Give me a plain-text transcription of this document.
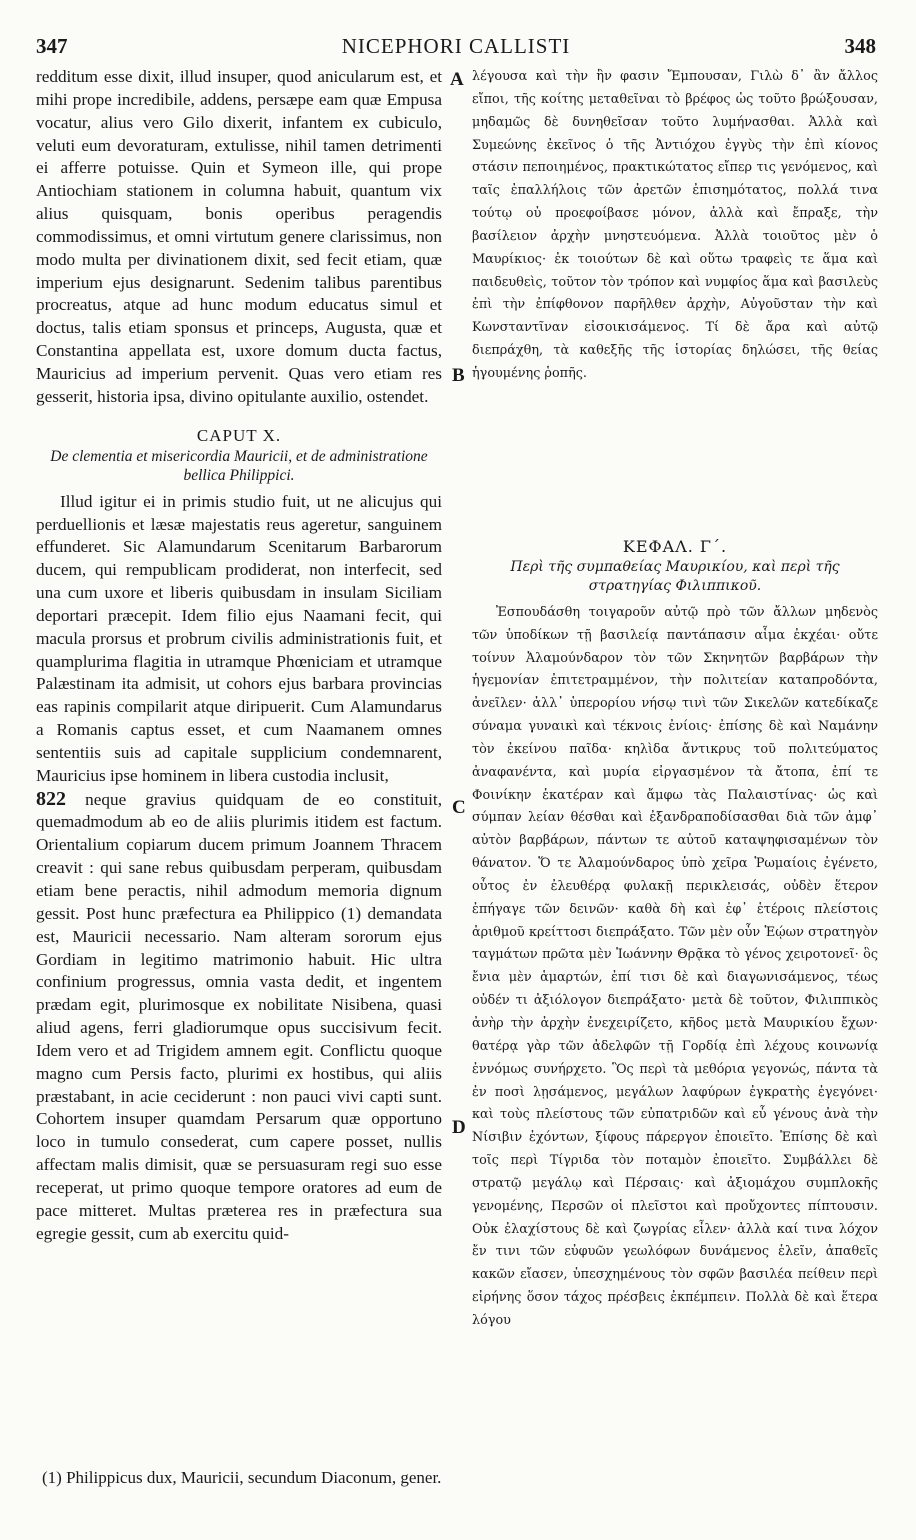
347	NICEPHORI CALLISTI	348
A
B
C
D

redditum esse dixit, illud insuper, quod anicularum est, et mihi prope incredibile, addens, persæpe eam quæ Empusa vocatur, alius vero Gilo dixerit, infantem ex cubiculo, veluti eum devoraturam, extulisse, nihil tamen detrimenti ei afferre potuisse. Quin et Symeon ille, qui prope Antiochiam stationem in columna habuit, quantum vix alius quisquam, bonis operibus peragendis commodissimus, et omni virtutum genere clarissimus, non modo multa per divinationem dixit, sed fecit etiam, quæ imperium ejus designarunt. Sedenim talibus parentibus procreatus, atque ad hunc modum educatus simul et doctus, talis etiam sponsus et princeps, Augusta, quæ et Constantina appellata est, uxore domum ducta factus, Mauricius ad imperium pervenit. Quas vero etiam res gesserit, historia ipsa, divino opitulante auxilio, ostendet.

CAPUT X.

De clementia et misericordia Mauricii, et de administratione bellica Philippici.

Illud igitur ei in primis studio fuit, ut ne alicujus qui perduellionis et læsæ majestatis reus ageretur, sanguinem effunderet. Sic Alamundarum Scenitarum Barbarorum ducem, qui rempublicam prodiderat, non interfecit, sed una cum uxore et liberis quibusdam in insulam Siciliam deportari præcepit. Idem filio ejus Naamani fecit, qui macula prorsus et probrum civilis administrationis fuit, et quamplurima flagitia in utramque Phœniciam et utramque Palæstinam ita admisit, ut cohors ejus barbara provincias eas rapinis compilarit atque diripuerit. Cum Alamundarus a Romanis captus esset, et cum Naamanem omnes sententiis suis ad capitale supplicium condemnarent, Mauricius ipse hominem in libera custodia inclusit,

822 neque gravius quidquam de eo constituit, quemadmodum ab eo de aliis plurimis itidem est factum. Orientalium copiarum ducem primum Joannem Thracem creavit : qui sane rebus quibusdam perperam, quibusdam etiam bene peractis, nihil admodum memoria dignum gessit. Post hunc præfectura ea Philippico (1) demandata est, Mauricii necessario. Nam alteram sororum ejus Gordiam in legitimo matrimonio habuit. Hic ultra confinium progressus, omnia vasta dedit, et ingentem prædam egit, plurimosque ex nobilitate Nisibena, quasi aliud agens, ferri gladiorumque opus succisivum fecit. Idem vero et ad Trigidem amnem egit. Conflictu quoque magno cum Persis facto, plurimi ex hostibus, qui aliis præstabant, in acie ceciderunt : non pauci vivi capti sunt. Cohortem insuper quamdam Persarum quæ opportuno loco in tumulo consederat, cum capere posset, nullis affectam malis dimisit, quæ se persuasuram regi suo esse receperat, ut primo quoque tempore oratores ad eum de pace mitteret. Multas præterea res in præfectura sua egregie gessit, cum ab exercitu quid-

λέγουσα καὶ τὴν ἣν φασιν Ἔμπουσαν, Γιλὼ δ᾽ ἂν ἄλλος εἴποι, τῆς κοίτης μεταθεῖναι τὸ βρέφος ὡς τοῦτο βρώξουσαν, μηδαμῶς δὲ δυνηθεῖσαν τοῦτο λυμήνασθαι. Ἀλλὰ καὶ Συμεώνης ἐκεῖνος ὁ τῆς Ἀντιόχου ἐγγὺς τὴν ἐπὶ κίονος στάσιν πεποιημένος, πρακτικώτατος εἴπερ τις γενόμενος, καὶ ταῖς ἐπαλλήλοις τῶν ἀρετῶν ἐπισημότατος, πολλά τινα τούτῳ οὐ προεφοίβασε μόνον, ἀλλὰ καὶ ἔπραξε, τὴν βασίλειον ἀρχὴν μνηστευόμενα. Ἀλλὰ τοιοῦτος μὲν ὁ Μαυρίκιος· ἐκ τοιούτων δὲ καὶ οὕτω τραφεὶς τε ἅμα καὶ παιδευθεὶς, τοῦτον τὸν τρόπον καὶ νυμφίος ἅμα καὶ βασιλεὺς ἐπὶ τὴν ἐπίφθονον παρῆλθεν ἀρχὴν, Αὐγοῦσταν τὴν καὶ Κωνσταντῖναν εἰσοικισάμενος. Τί δὲ ἄρα καὶ αὐτῷ διεπράχθη, τὰ καθεξῆς τῆς ἱστορίας δηλώσει, τῆς θείας ἡγουμένης ῥοπῆς.

ΚΕΦΑΛ. Γ΄.

Περὶ τῆς συμπαθείας Μαυρικίου, καὶ περὶ τῆς στρατηγίας Φιλιππικοῦ.

Ἐσπουδάσθη τοιγαροῦν αὐτῷ πρὸ τῶν ἄλλων μηδενὸς τῶν ὑποδίκων τῇ βασιλείᾳ παντάπασιν αἷμα ἐκχέαι· οὔτε τοίνυν Ἀλαμούνδαρον τὸν τῶν Σκηνητῶν βαρβάρων τὴν ἡγεμονίαν ἐπιτετραμμένον, τὴν πολιτείαν καταπροδόντα, ἀνεῖλεν· ἀλλ᾽ ὑπερορίου νήσῳ τινὶ τῶν Σικελῶν κατεδίκαζε σύναμα γυναικὶ καὶ τέκνοις ἐνίοις· ἐπίσης δὲ καὶ Ναμάνην τὸν ἐκείνου παῖδα· κηλὶδα ἄντικρυς τοῦ πολιτεύματος ἀναφανέντα, καὶ μυρία εἰργασμένον τὰ ἄτοπα, ἐπί τε Φοινίκην ἑκατέραν καὶ ἄμφω τὰς Παλαιστίνας· ὡς καὶ σύμπαν λείαν θέσθαι καὶ ἐξανδραποδίσασθαι διὰ τῶν ἀμφ᾽ αὐτὸν βαρβάρων, πάντων τε αὐτοῦ καταψηφισαμένων τὸν θάνατον. Ὅ τε Ἀλαμούνδαρος ὑπὸ χεῖρα Ῥωμαίοις ἐγένετο, οὗτος ἐν ἐλευθέρᾳ φυλακῇ περικλεισάς, οὐδὲν ἕτερον ἐπήγαγε τῶν δεινῶν· καθὰ δὴ καὶ ἐφ᾽ ἑτέροις πλείστοις ἀριθμοῦ κρείττοσι διεπράξατο. Τῶν μὲν οὖν Ἑῴων στρατηγὸν ταγμάτων πρῶτα μὲν Ἰωάννην Θρᾷκα τὸ γένος χειροτονεῖ· ὃς ἔνια μὲν ἁμαρτών, ἐπί τισι δὲ καὶ διαγωνισάμενος, τέως οὐδέν τι ἀξιόλογον διεπράξατο· μετὰ δὲ τοῦτον, Φιλιππικὸς ἀνὴρ τὴν ἀρχὴν ἐνεχειρίζετο, κῆδος μετὰ Μαυρικίου ἔχων· θατέρᾳ γὰρ τῶν ἀδελφῶν τῇ Γορδίᾳ ἐπὶ λέχους κοινωνίᾳ ἐννόμως συνήρχετο. Ὃς περὶ τὰ μεθόρια γεγονώς, πάντα τὰ ἐν ποσὶ λῃσάμενος, μεγάλων λαφύρων ἐγκρατὴς ἐγεγόνει· καὶ τοὺς πλείστους τῶν εὐπατριδῶν καὶ εὖ γένους ἀνὰ τὴν Νίσιβιν ἐχόντων, ξίφους πάρεργον ἐποιεῖτο. Ἐπίσης δὲ καὶ τοῖς περὶ Τίγριδα τὸν ποταμὸν ἐποιεῖτο. Συμβάλλει δὲ στρατῷ μεγάλῳ καὶ Πέρσαις· καὶ ἀξιομάχου συμπλοκῆς γενομένης, Περσῶν οἱ πλεῖστοι καὶ προὔχοντες πίπτουσιν. Οὐκ ἐλαχίστους δὲ καὶ ζωγρίας εἶλεν· ἀλλὰ καί τινα λόχον ἔν τινι τῶν εὐφυῶν γεωλόφων δυνάμενος ἑλεῖν, ἀπαθεῖς κακῶν εἴασεν, ὑπεσχημένους τὸν σφῶν βασιλέα πείθειν περὶ εἰρήνης ὅσον τάχος πρέσβεις ἐκπέμπειν. Πολλὰ δὲ καὶ ἕτερα λόγου

(1) Philippicus dux, Mauricii, secundum Diaconum, gener.
